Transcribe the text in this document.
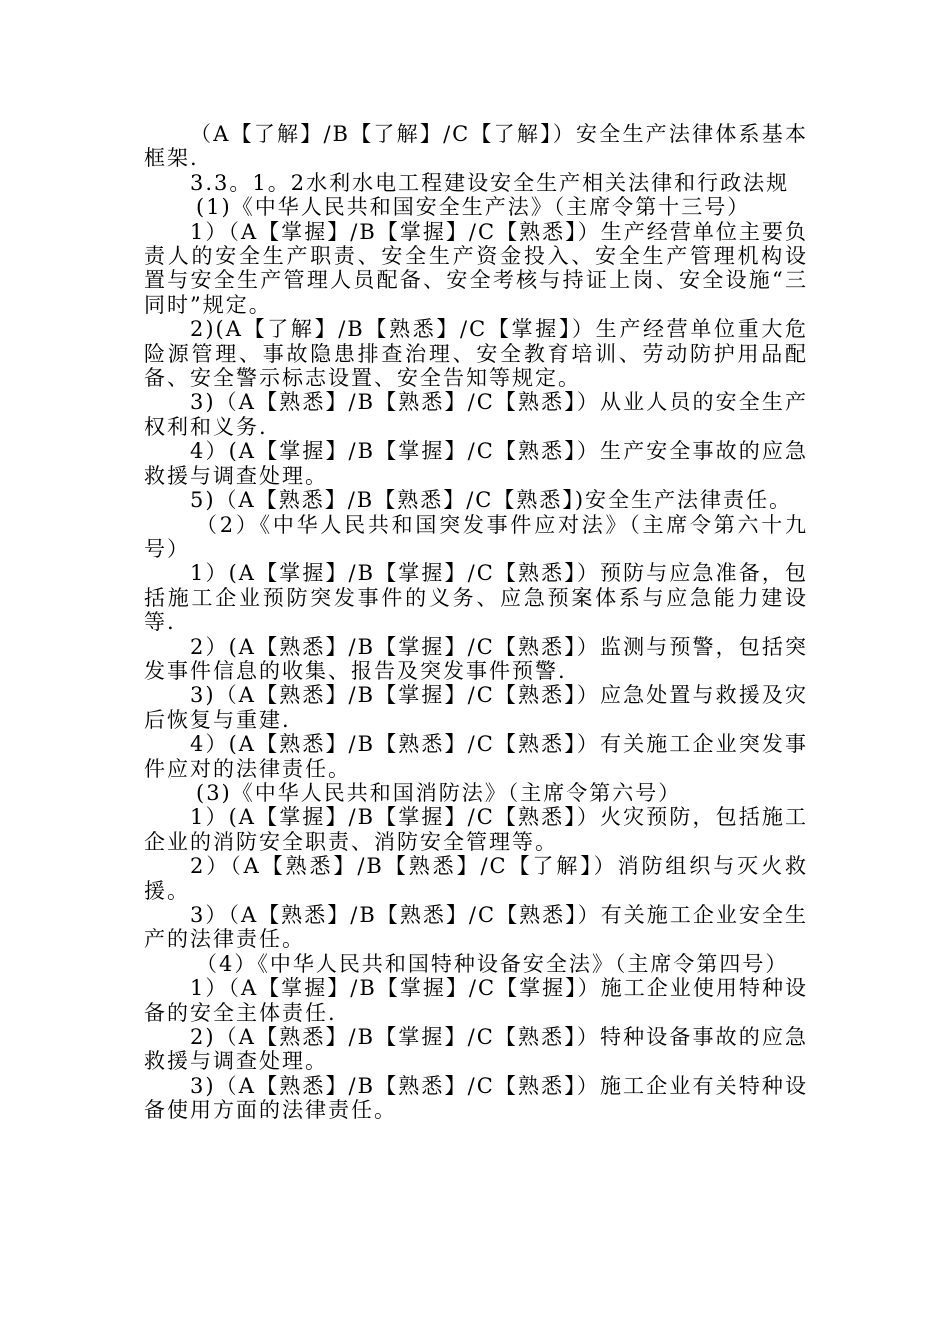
（A【了解】/B【了解】/C【了解】）安全生产法律体系基本框架.

3.3。1。2水利水电工程建设安全生产相关法律和行政法规

(1)《中华人民共和国安全生产法》（主席令第十三号）

1）（A【掌握】/B【掌握】/C【熟悉】）生产经营单位主要负责人的安全生产职责、安全生产资金投入、安全生产管理机构设置与安全生产管理人员配备、安全考核与持证上岗、安全设施“三同时”规定。

2)(A【了解】/B【熟悉】/C【掌握】）生产经营单位重大危险源管理、事故隐患排查治理、安全教育培训、劳动防护用品配备、安全警示标志设置、安全告知等规定。

3)（A【熟悉】/B【熟悉】/C【熟悉】）从业人员的安全生产权利和义务.

4）(A【掌握】/B【掌握】/C【熟悉】）生产安全事故的应急救援与调查处理。

5)（A【熟悉】/B【熟悉】/C【熟悉】)安全生产法律责任。

（2）《中华人民共和国突发事件应对法》（主席令第六十九号）

1）(A【掌握】/B【掌握】/C【熟悉】）预防与应急准备，包括施工企业预防突发事件的义务、应急预案体系与应急能力建设等.

2）(A【熟悉】/B【掌握】/C【熟悉】）监测与预警，包括突发事件信息的收集、报告及突发事件预警.

3)（A【熟悉】/B【掌握】/C【熟悉】）应急处置与救援及灾后恢复与重建.

4）(A【熟悉】/B【熟悉】/C【熟悉】）有关施工企业突发事件应对的法律责任。

(3)《中华人民共和国消防法》（主席令第六号）

1）(A【掌握】/B【掌握】/C【熟悉】）火灾预防，包括施工企业的消防安全职责、消防安全管理等。

2）（A【熟悉】/B【熟悉】/C【了解】）消防组织与灭火救援。

3）（A【熟悉】/B【熟悉】/C【熟悉】）有关施工企业安全生产的法律责任。

（4）《中华人民共和国特种设备安全法》（主席令第四号）

1）（A【掌握】/B【掌握】/C【掌握】）施工企业使用特种设备的安全主体责任.

2)（A【熟悉】/B【掌握】/C【熟悉】）特种设备事故的应急救援与调查处理。

3)（A【熟悉】/B【熟悉】/C【熟悉】）施工企业有关特种设备使用方面的法律责任。
